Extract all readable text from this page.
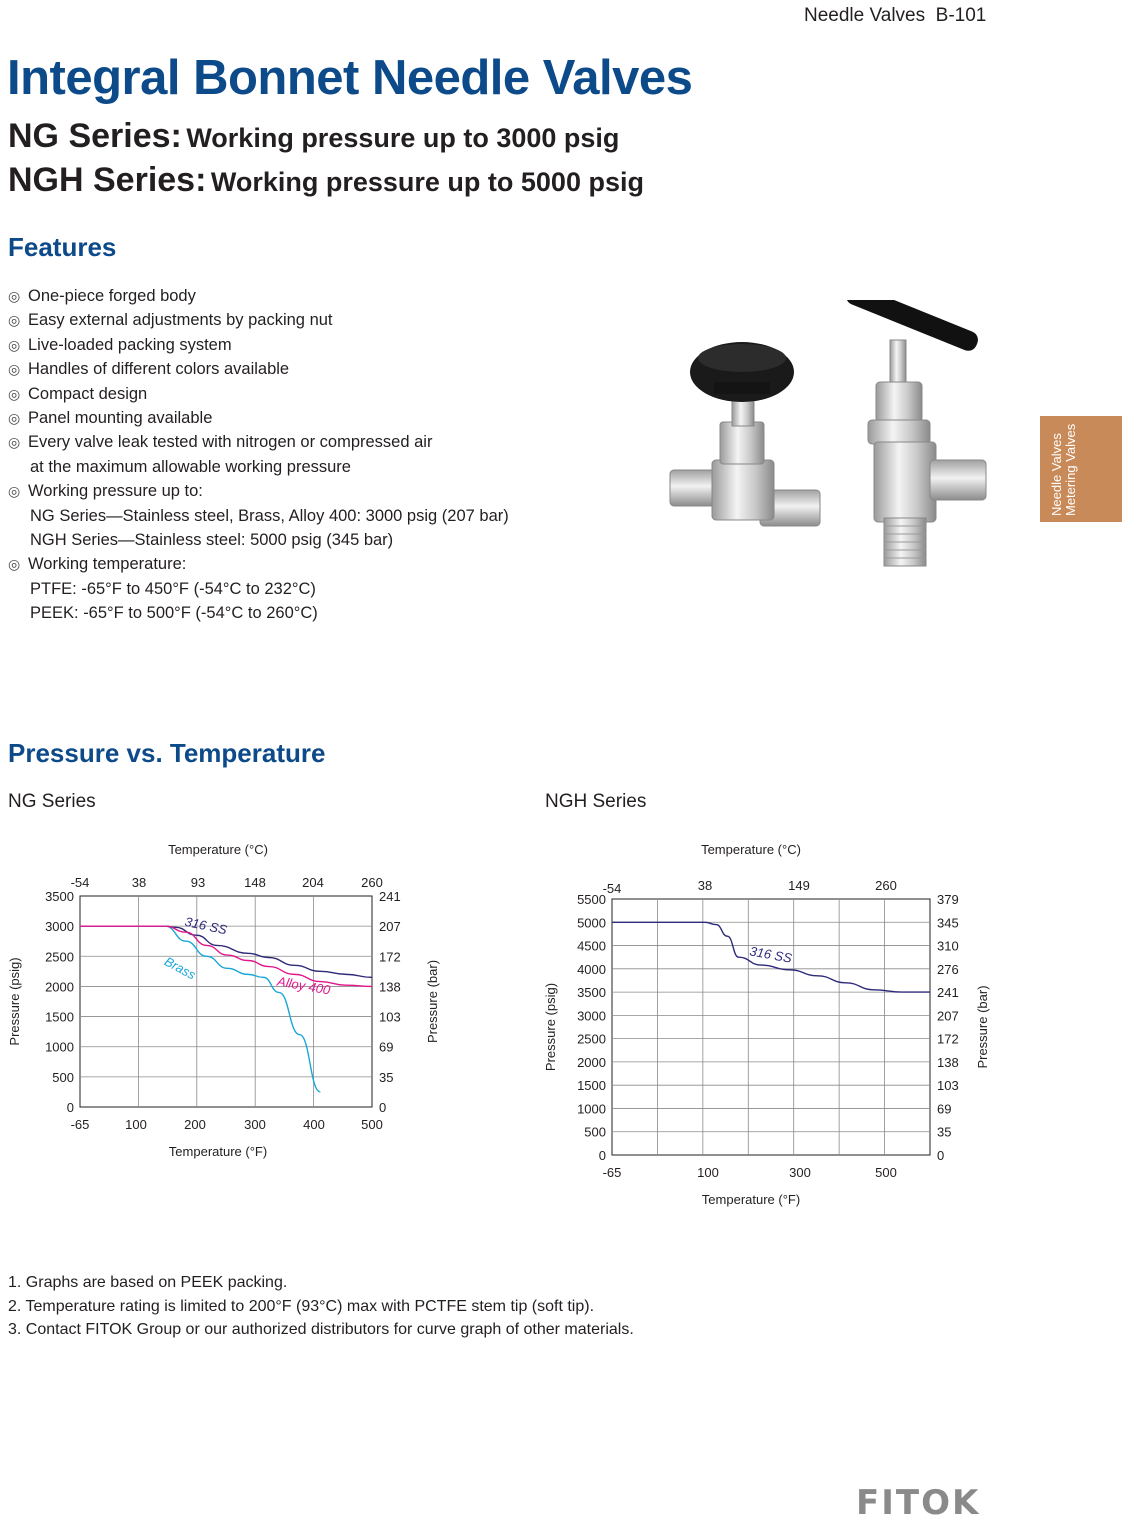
Needle Valves B-101
Integral Bonnet Needle Valves
NG Series: Working pressure up to 3000 psig
NGH Series: Working pressure up to 5000 psig
Features
◎ One-piece forged body
◎ Easy external adjustments by packing nut
◎ Live-loaded packing system
◎ Handles of different colors available
◎ Compact design
◎ Panel mounting available
◎ Every valve leak tested with nitrogen or compressed air
at the maximum allowable working pressure
◎ Working pressure up to:
NG Series—Stainless steel, Brass, Alloy 400: 3000 psig (207 bar)
NGH Series—Stainless steel: 5000 psig (345 bar)
◎ Working temperature:
PTFE: -65°F to 450°F (-54°C to 232°C)
PEEK: -65°F to 500°F (-54°C to 260°C)
Needle Valves Metering Valves
Pressure vs. Temperature
NG Series	NGH Series
0
500
1000
1500
2000
2500
3000
3500
0
35
69
103
138
172
207
241
-65	100	200	300	400	500
-54	38	93	148	204	260
Temperature (°C)
Temperature (°F)
Pressure (psig)	Pressure (bar)
316 SS
Brass
Alloy 400
0
500
1000
1500
2000
2500
3000
3500
4000
4500
5000
5500
0
35
69
103
138
172
207
241
276
310
345
379
-65	100	300	500
-54	38	149	260
Temperature (°C)
Temperature (°F)
Pressure (psig)	Pressure (bar)
316 SS
1. Graphs are based on PEEK packing.
2. Temperature rating is limited to 200°F (93°C) max with PCTFE stem tip (soft tip).
3. Contact FITOK Group or our authorized distributors for curve graph of other materials.
FITOK
